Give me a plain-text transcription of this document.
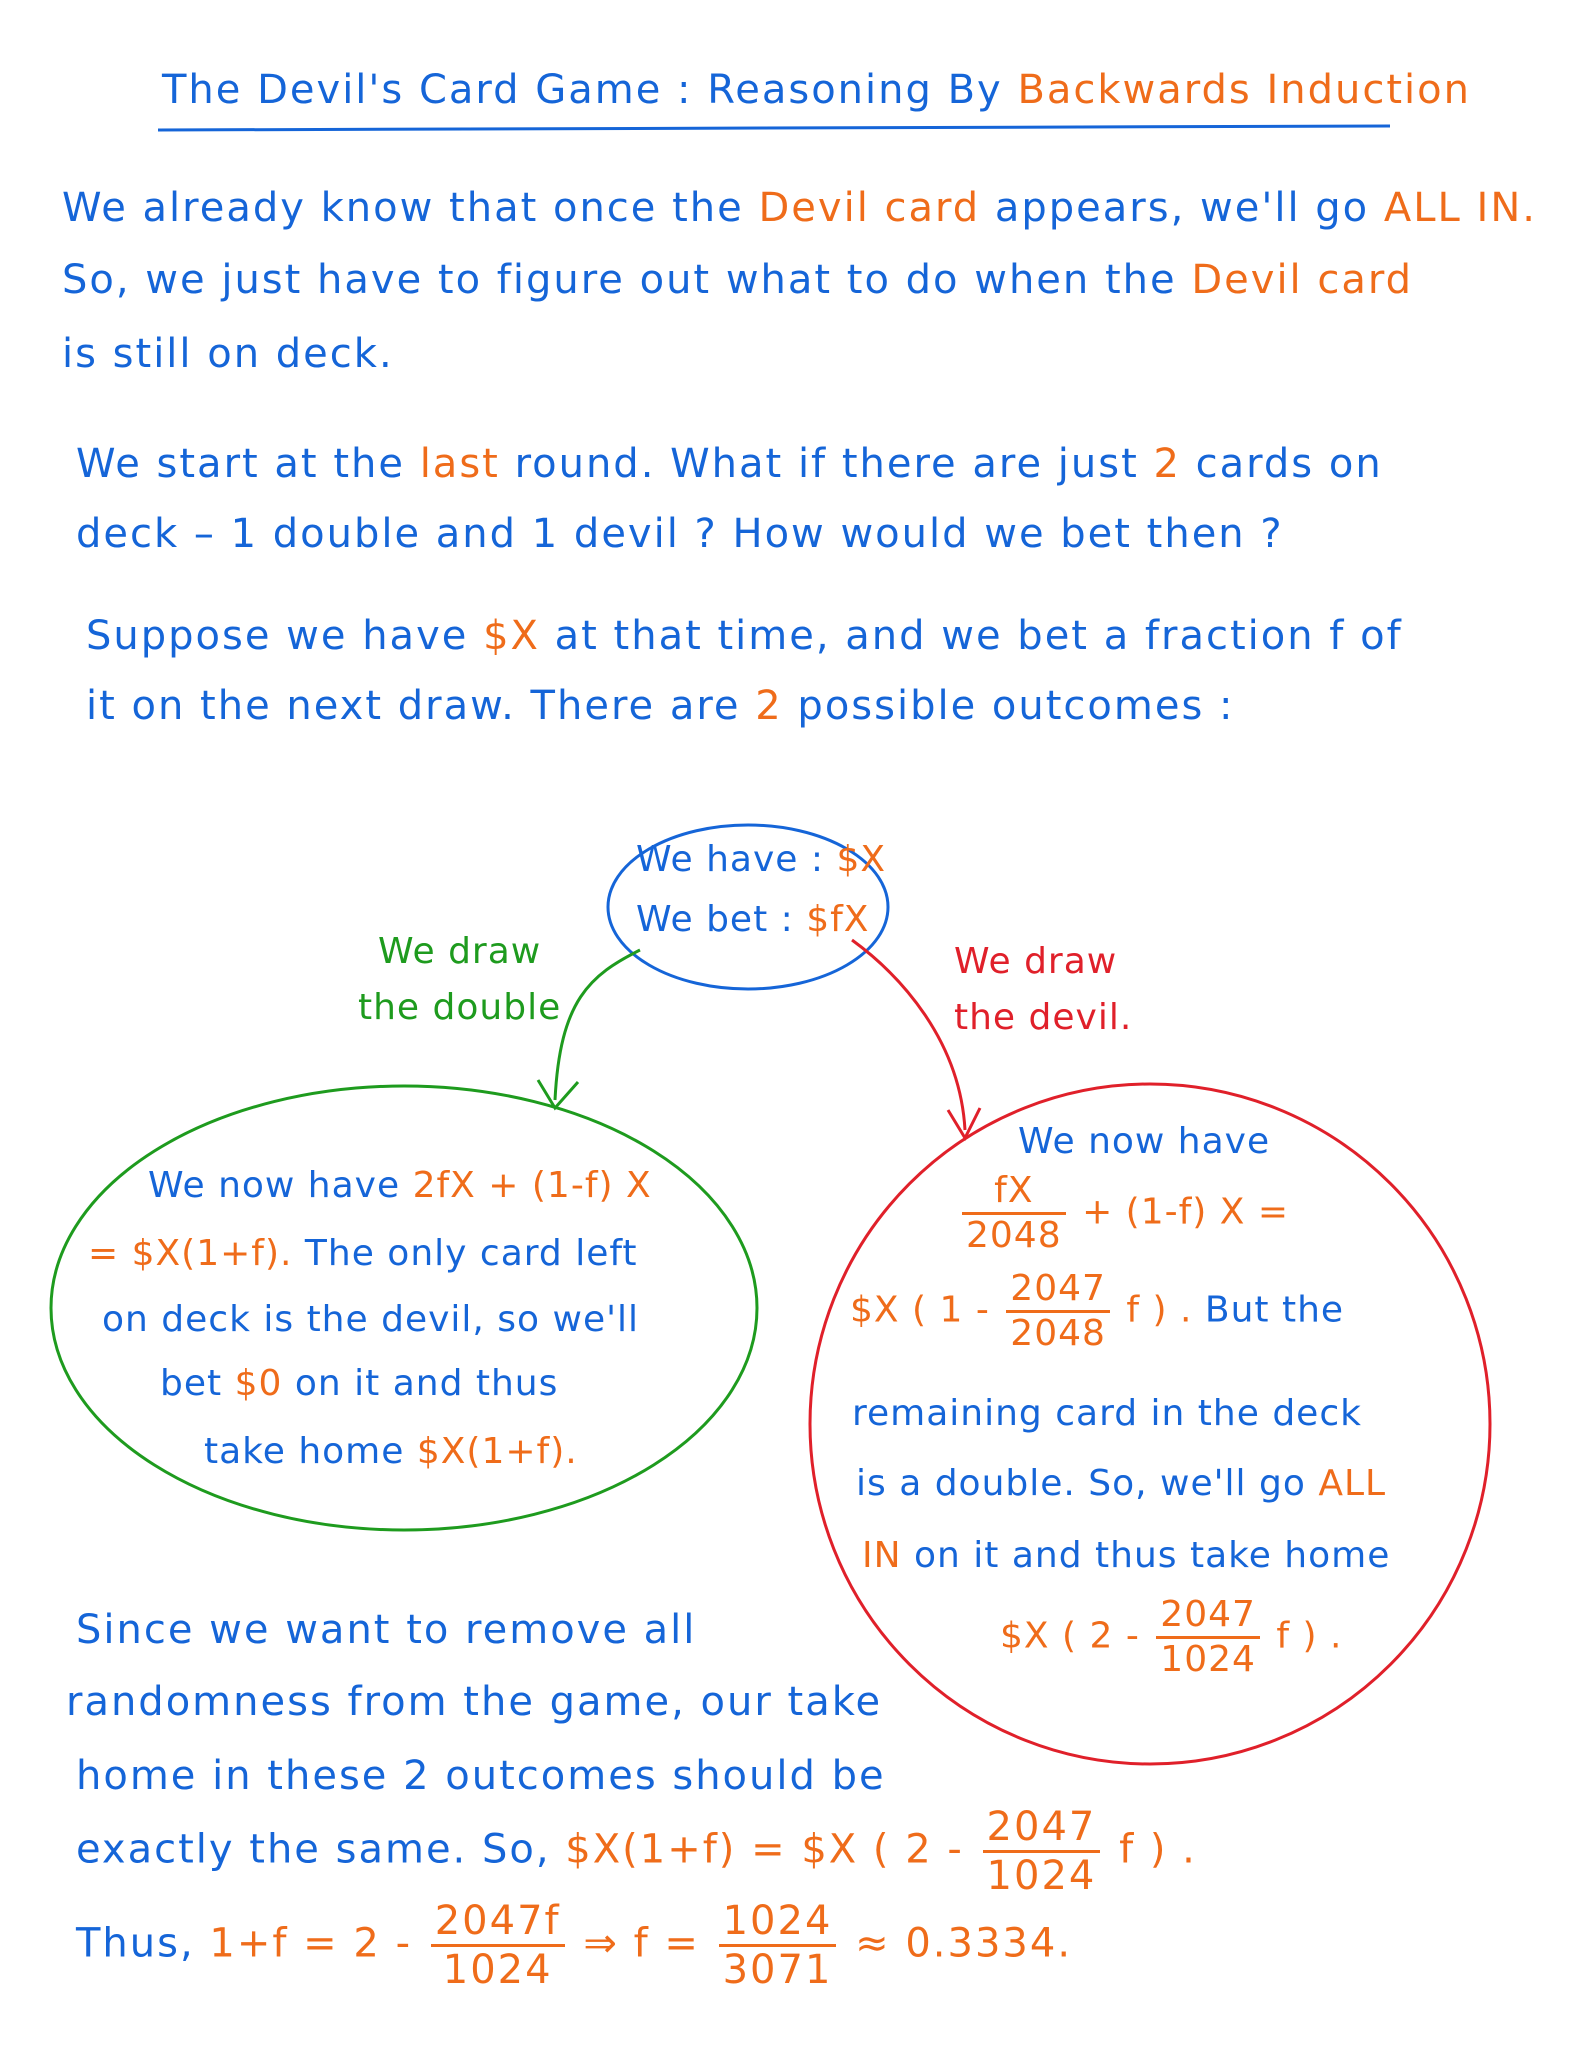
The Devil's Card Game : Reasoning By Backwards Induction
We already know that once the Devil card appears, we'll go ALL IN.
So, we just have to figure out what to do when the Devil card
is still on deck.
We start at the last round. What if there are just 2 cards on
deck – 1 double and 1 devil ? How would we bet then ?
Suppose we have $X at that time, and we bet a fraction f of
it on the next draw. There are 2 possible outcomes :
We have : $X
We bet : $fX
We draw
the double
We draw
the devil.
We now have 2fX + (1-f) X
= $X(1+f). The only card left
on deck is the devil, so we'll
bet $0 on it and thus
take home $X(1+f).
We now have
$\frac{fX}{2048} + (1-f) X$ =
$X ( $1 - \frac{2047}{2048}$ f ) . But the
remaining card in the deck
is a double. So, we'll go ALL
IN on it and thus take home
$X ( $2 - \frac{2047}{1024}$ f ) .
Since we want to remove all
randomness from the game, our take
home in these 2 outcomes should be
exactly the same. So, $X(1+f) = $X ( $2 - \frac{2047}{1024}$ f ) .
Thus, $1+f = 2 - \frac{2047f}{1024}$ ⇒ $f = \frac{1024}{3071} \approx 0.3334$.
